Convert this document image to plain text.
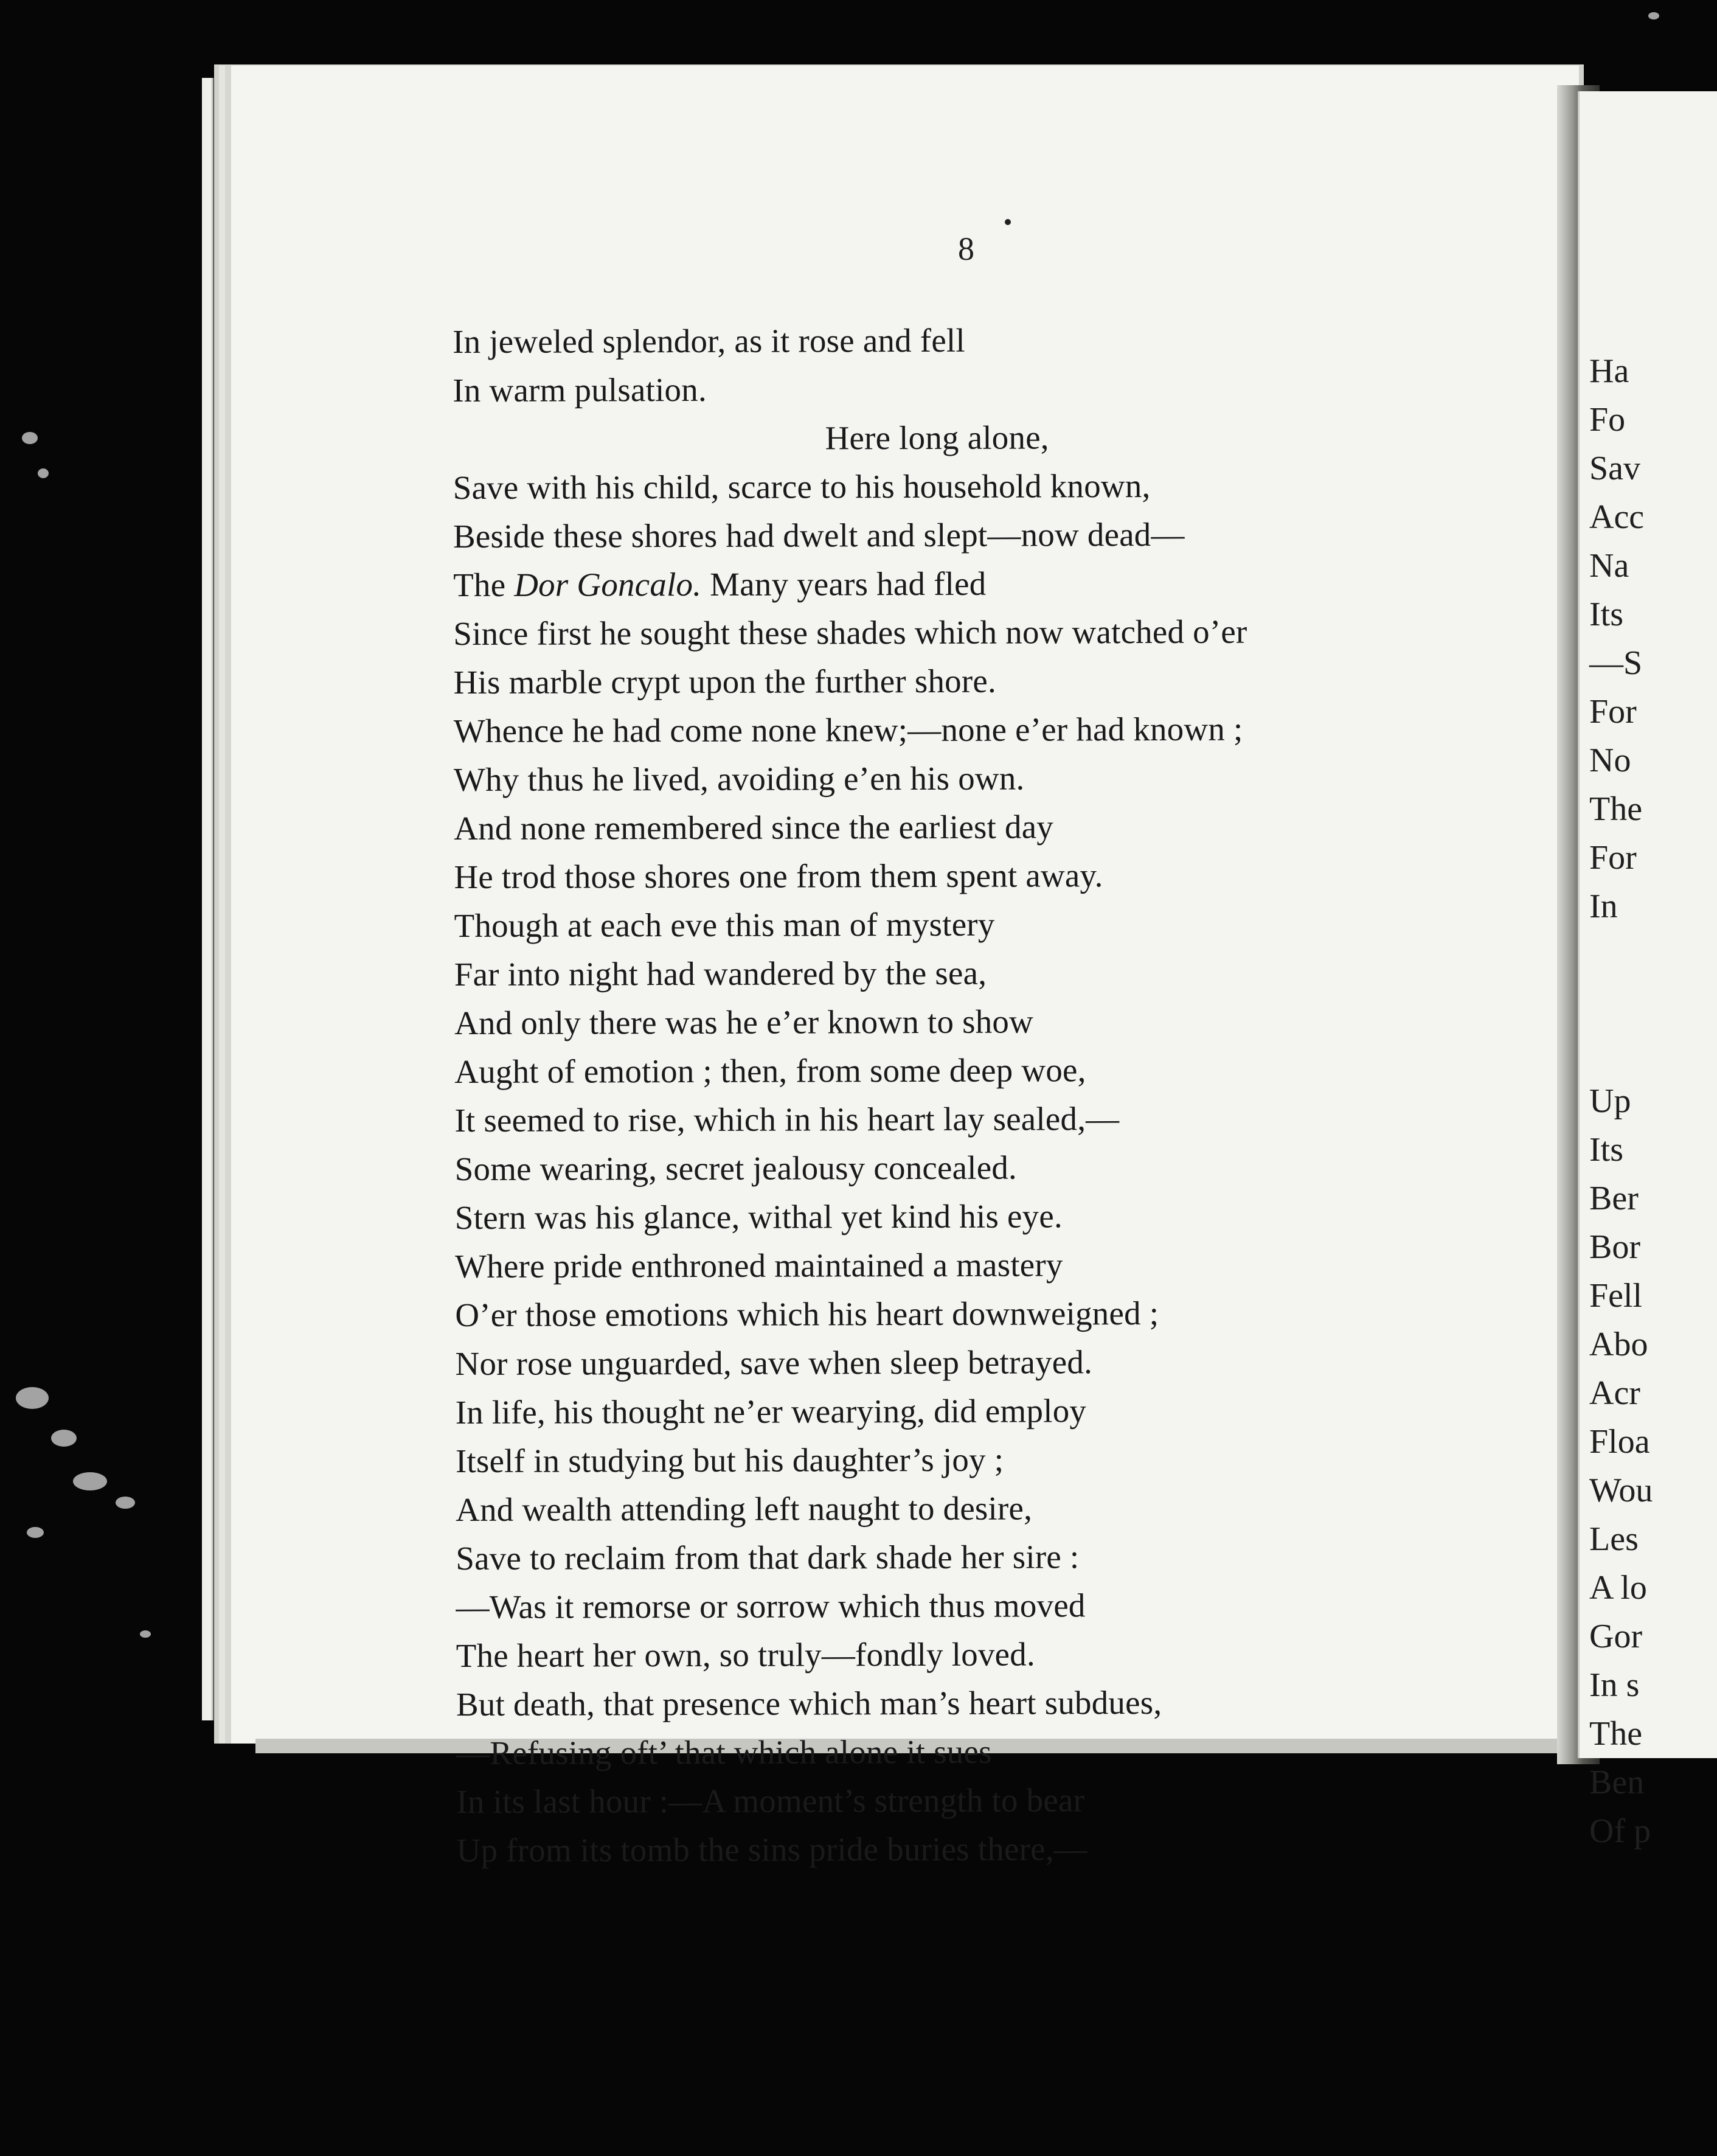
Ha
Fo
Sav
Acc
Na
Its
—S
For
No
The
For
In
Up
Its
Ber
Bor
Fell
Abo
Acr
Floa
Wou
Les
A lo
Gor
In s
The
Ben
Of p
8
In jeweled splendor, as it rose and fell
In warm pulsation.
Here long alone,
Save with his child, scarce to his household known,
Beside these shores had dwelt and slept—now dead—
The Dor Goncalo. Many years had fled
Since first he sought these shades which now watched o’er
His marble crypt upon the further shore.
Whence he had come none knew;—none e’er had known ;
Why thus he lived, avoiding e’en his own.
And none remembered since the earliest day
He trod those shores one from them spent away.
Though at each eve this man of mystery
Far into night had wandered by the sea,
And only there was he e’er known to show
Aught of emotion ; then, from some deep woe,
It seemed to rise, which in his heart lay sealed,—
Some wearing, secret jealousy concealed.
Stern was his glance, withal yet kind his eye.
Where pride enthroned maintained a mastery
O’er those emotions which his heart downweigned ;
Nor rose unguarded, save when sleep betrayed.
In life, his thought ne’er wearying, did employ
Itself in studying but his daughter’s joy ;
And wealth attending left naught to desire,
Save to reclaim from that dark shade her sire :
—Was it remorse or sorrow which thus moved
The heart her own, so truly—fondly loved.
But death, that presence which man’s heart subdues,
—Refusing oft’ that which alone it sues
In its last hour :—A moment’s strength to bear
Up from its tomb the sins pride buries there,—
